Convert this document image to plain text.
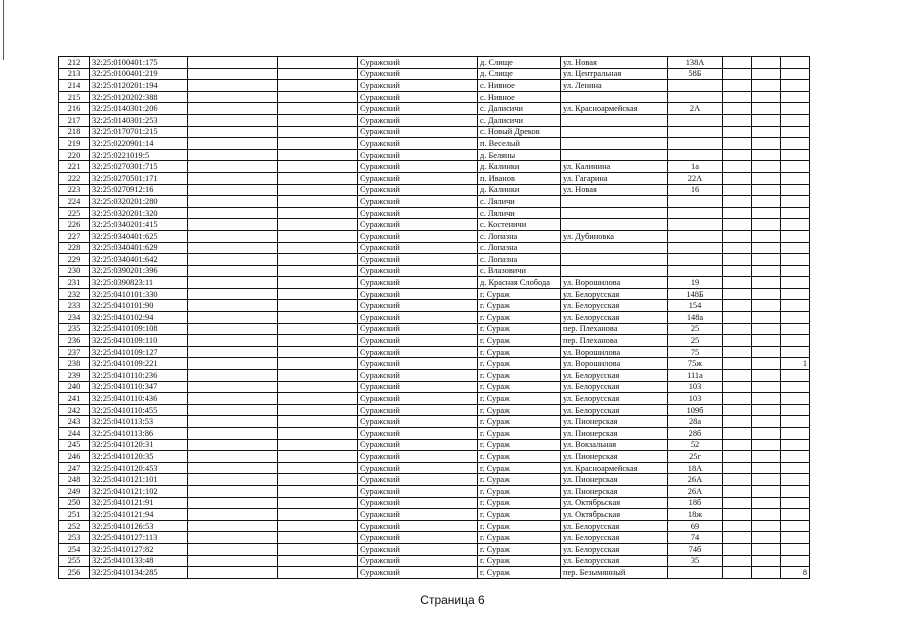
212	32:25:0100401:175			Суражский	д. Слище	ул. Новая	138А			
213	32:25:0100401:219			Суражский	д. Слище	ул. Центральная	58Б			
214	32:25:0120201:194			Суражский	с. Нивное	ул. Ленина				
215	32:25:0120202:388			Суражский	с. Нивное					
216	32:25:0140301:206			Суражский	с. Далисичи	ул. Красноармейская	2А			
217	32:25:0140301:253			Суражский	с. Далисичи					
218	32:25:0170701:215			Суражский	с. Новый Дреков					
219	32:25:0220901:14			Суражский	п. Веселый					
220	32:25:0221019:5			Суражский	д. Беляны					
221	32:25:0270301:715			Суражский	д. Калинки	ул. Калинина	1а			
222	32:25:0270501:171			Суражский	п. Иванов	ул. Гагарина	22А			
223	32:25:0270912:16			Суражский	д. Калинки	ул. Новая	16			
224	32:25:0320201:280			Суражский	с. Ляличи					
225	32:25:0320201:320			Суражский	с. Ляличи					
226	32:25:0340201:415			Суражский	с. Костеничи					
227	32:25:0340401:625			Суражский	с. Лопазна	ул. Дубиновка				
228	32:25:0340401:629			Суражский	с. Лопазна					
229	32:25:0340401:642			Суражский	с. Лопазна					
230	32:25:0390201:396			Суражский	с. Влазовичи					
231	32:25:0390823:11			Суражский	д. Красная Слобода	ул. Ворошилова	19			
232	32:25:0410101:330			Суражский	г. Сураж	ул. Белорусская	148Б			
233	32:25:0410101:90			Суражский	г. Сураж	ул. Белорусская	154			
234	32:25:0410102:94			Суражский	г. Сураж	ул. Белорусская	148а			
235	32:25:0410109:108			Суражский	г. Сураж	пер. Плеханова	25			
236	32:25:0410109:110			Суражский	г. Сураж	пер. Плеханова	25			
237	32:25:0410109:127			Суражский	г. Сураж	ул. Ворошилова	75			
238	32:25:0410109:221			Суражский	г. Сураж	ул. Ворошилова	75ж			1
239	32:25:0410110:236			Суражский	г. Сураж	ул. Белорусская	111а			
240	32:25:0410110:347			Суражский	г. Сураж	ул. Белорусская	103			
241	32:25:0410110:436			Суражский	г. Сураж	ул. Белорусская	103			
242	32:25:0410110:455			Суражский	г. Сураж	ул. Белорусская	109б			
243	32:25:0410113:53			Суражский	г. Сураж	ул. Пионерская	28а			
244	32:25:0410113:86			Суражский	г. Сураж	ул. Пионерская	28б			
245	32:25:0410120:31			Суражский	г. Сураж	ул. Вокзальная	52			
246	32:25:0410120:35			Суражский	г. Сураж	ул. Пионерская	25г			
247	32:25:0410120:453			Суражский	г. Сураж	ул. Красноармейская	18А			
248	32:25:0410121:101			Суражский	г. Сураж	ул. Пионерская	26А			
249	32:25:0410121:102			Суражский	г. Сураж	ул. Пионерская	26А			
250	32:25:0410121:91			Суражский	г. Сураж	ул. Октябрьская	18б			
251	32:25:0410121:94			Суражский	г. Сураж	ул. Октябрьская	18ж			
252	32:25:0410126:53			Суражский	г. Сураж	ул. Белорусская	69			
253	32:25:0410127:113			Суражский	г. Сураж	ул. Белорусская	74			
254	32:25:0410127:82			Суражский	г. Сураж	ул. Белорусская	74б			
255	32:25:0410133:48			Суражский	г. Сураж	ул. Белорусская	35			
256	32:25:0410134:285			Суражский	г. Сураж	пер. Безымянный				8
Страница 6
